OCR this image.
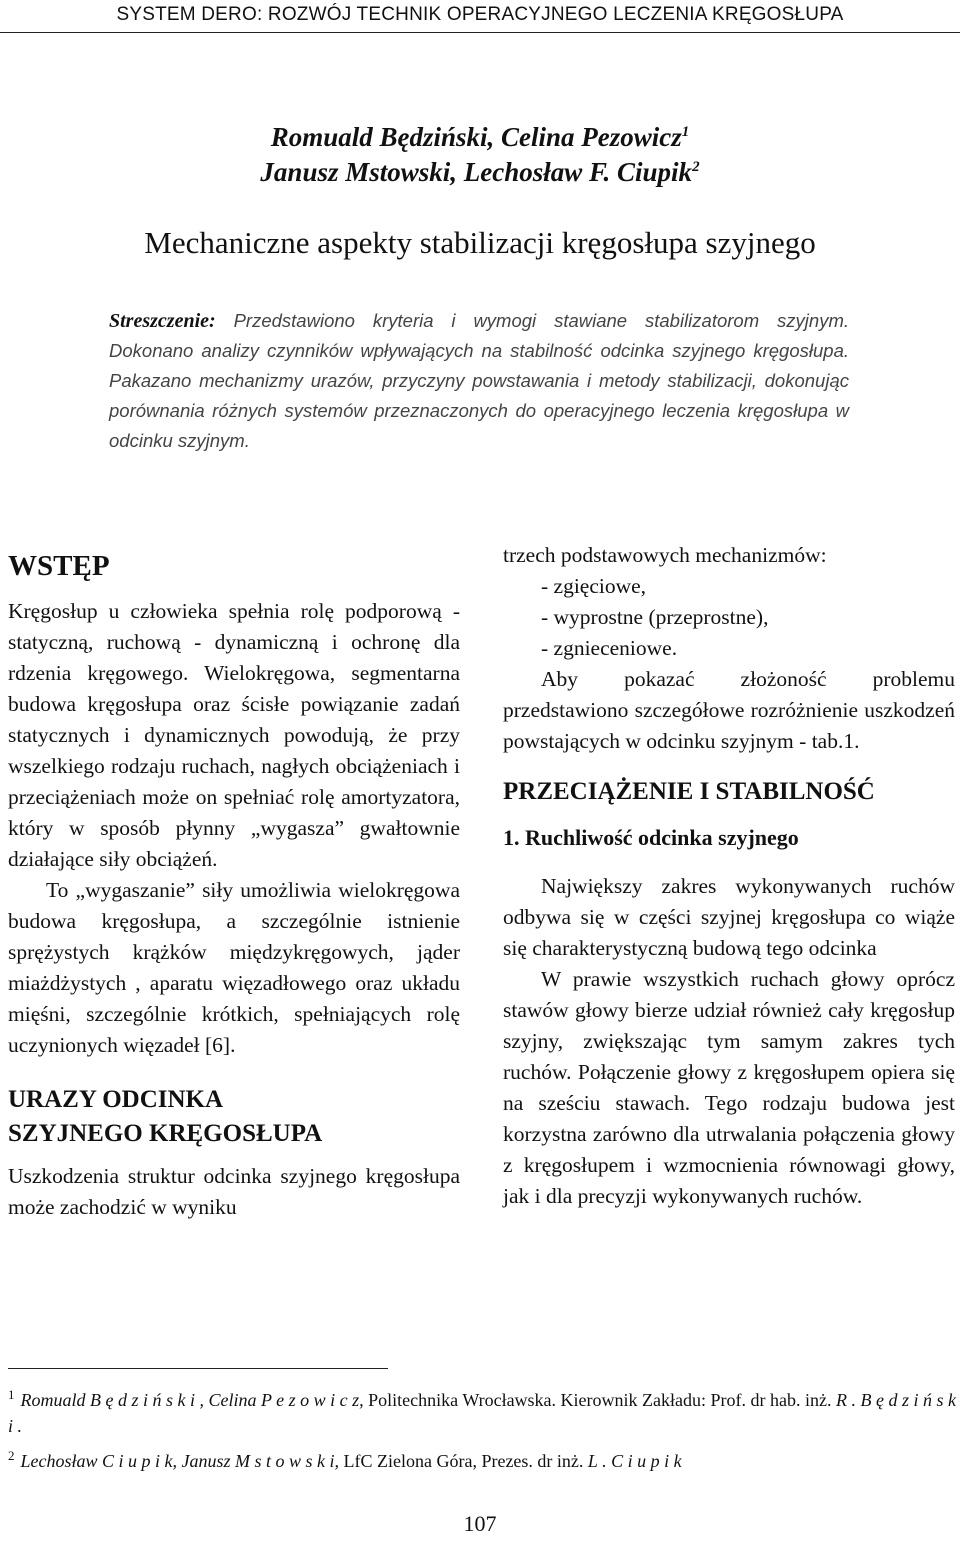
SYSTEM DERO: ROZWÓJ TECHNIK OPERACYJNEGO LECZENIA KRĘGOSŁUPA
Romuald Będziński, Celina Pezowicz$^1$
Janusz Mstowski, Lechosław F. Ciupik$^2$
Mechaniczne aspekty stabilizacji kręgosłupa szyjnego
Streszczenie: Przedstawiono kryteria i wymogi stawiane stabilizatorom szyjnym. Dokonano analizy czynników wpływających na stabilność odcinka szyjnego kręgosłupa. Pakazano mechanizmy urazów, przyczyny powstawania i metody stabilizacji, dokonując porównania różnych systemów przeznaczonych do operacyjnego leczenia kręgosłupa w odcinku szyjnym.
WSTĘP

Kręgosłup u człowieka spełnia rolę podporową - statyczną, ruchową - dynamiczną i ochronę dla rdzenia kręgowego. Wielokręgowa, segmentarna budowa kręgosłupa oraz ścisłe powiązanie zadań statycznych i dynamicznych powodują, że przy wszelkiego rodzaju ruchach, nagłych obciążeniach i przeciążeniach może on spełniać rolę amortyzatora, który w sposób płynny „wygasza” gwałtownie działające siły obciążeń.

To „wygaszanie” siły umożliwia wielokręgowa budowa kręgosłupa, a szczególnie istnienie sprężystych krążków międzykręgowych, jąder miażdżystych , aparatu więzadłowego oraz układu mięśni, szczególnie krótkich, spełniających rolę uczynionych więzadeł [6].

URAZY ODCINKA
SZYJNEGO KRĘGOSŁUPA

Uszkodzenia struktur odcinka szyjnego kręgosłupa może zachodzić w wyniku

trzech podstawowych mechanizmów:

- zgięciowe,

- wyprostne (przeprostne),

- zgnieceniowe.

Aby pokazać złożoność problemu przedstawiono szczegółowe rozróżnienie uszkodzeń powstających w odcinku szyjnym - tab.1.

PRZECIĄŻENIE I STABILNOŚĆ
1. Ruchliwość odcinka szyjnego

Największy zakres wykonywanych ruchów odbywa się w części szyjnej kręgosłupa co wiąże się charakterystyczną budową tego odcinka

W prawie wszystkich ruchach głowy oprócz stawów głowy bierze udział również cały kręgosłup szyjny, zwiększając tym samym zakres tych ruchów. Połączenie głowy z kręgosłupem opiera się na sześciu stawach. Tego rodzaju budowa jest korzystna zarówno dla utrwalania połączenia głowy z kręgosłupem i wzmocnienia równowagi głowy, jak i dla precyzji wykonywanych ruchów.

$^1$ Romuald B ę d z i ń s k i , Celina P e z o w i c z, Politechnika Wrocławska. Kierownik Zakładu: Prof. dr hab. inż. R . B ę d z i ń s k i .

$^2$ Lechosław C i u p i k, Janusz M s t o w s k i, LfC Zielona Góra, Prezes. dr inż. L . C i u p i k

107
